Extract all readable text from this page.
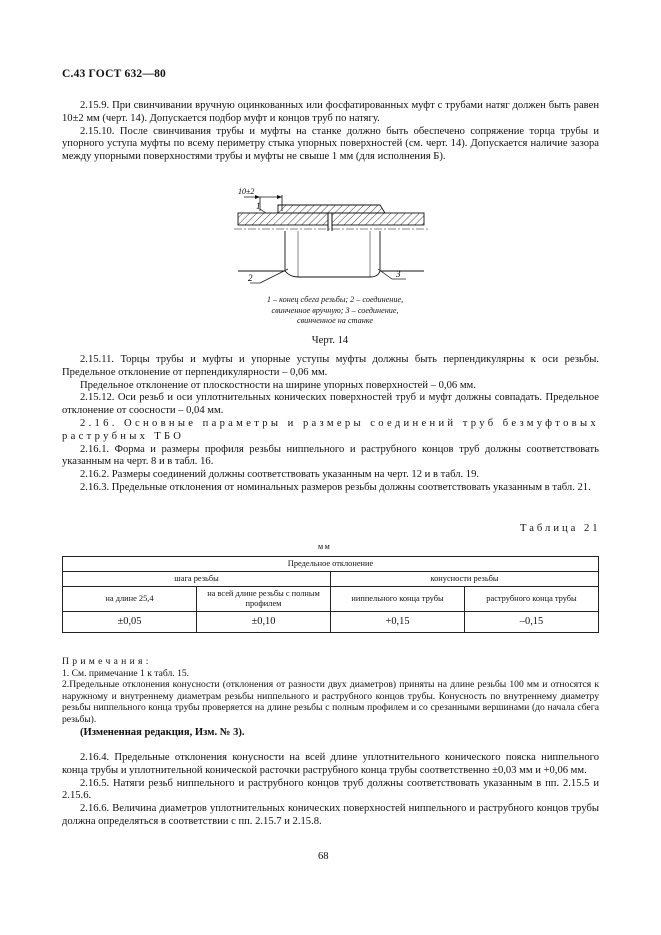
С.43 ГОСТ 632—80

2.15.9. При свинчивании вручную оцинкованных или фосфатированных муфт с трубами натяг должен быть равен 10±2 мм (черт. 14). Допускается подбор муфт и концов труб по натягу.

2.15.10. После свинчивания трубы и муфты на станке должно быть обеспечено сопряжение торца трубы и упорного уступа муфты по всему периметру стыка упорных поверхностей (см. черт. 14). Допускается наличие зазора между упорными поверхностями трубы и муфты не свыше 1 мм (для исполнения Б).

10±2
1
2	3
1 – конец сбега резьбы; 2 – соединение, свинченное вручную; 3 – соединение, свинченное на станке
Черт. 14

2.15.11. Торцы трубы и муфты и упорные уступы муфты должны быть перпендикулярны к оси резьбы. Предельное отклонение от перпендикулярности – 0,06 мм.

Предельное отклонение от плоскостности на ширине упорных поверхностей – 0,06 мм.

2.15.12. Оси резьб и оси уплотнительных конических поверхностей труб и муфт должны совпадать. Предельное отклонение от соосности – 0,04 мм.

2.16. Основные параметры и размеры соединений труб безмуфтовых раструбных ТБО

2.16.1. Форма и размеры профиля резьбы ниппельного и раструбного концов труб должны соответствовать указанным на черт. 8 и в табл. 16.

2.16.2. Размеры соединений должны соответствовать указанным на черт. 12 и в табл. 19.

2.16.3. Предельные отклонения от номинальных размеров резьбы должны соответствовать указанным в табл. 21.

Таблица 21
мм
Предельное отклонение			
шага резьбы		конусности резьбы	
на длине 25,4	на всей длине резьбы с полным профилем	ниппельного конца трубы	раструбного конца трубы
±0,05	±0,10	+0,15	–0,15

Примечания:

1. См. примечание 1 к табл. 15.

2.Предельные отклонения конусности (отклонения от разности двух диаметров) приняты на длине резьбы 100 мм и относятся к наружному и внутреннему диаметрам резьбы ниппельного и раструбного концов трубы. Конусность по внутреннему диаметру резьбы ниппельного конца трубы проверяется на длине резьбы с полным профилем и со срезанными вершинами (до начала сбега резьбы).

(Измененная редакция, Изм. № 3).

2.16.4. Предельные отклонения конусности на всей длине уплотнительного конического пояска ниппельного конца трубы и уплотнительной конической расточки раструбного конца трубы соответственно ±0,03 мм и +0,06 мм.

2.16.5. Натяги резьб ниппельного и раструбного концов труб должны соответствовать указанным в пп. 2.15.5 и 2.15.6.

2.16.6. Величина диаметров уплотнительных конических поверхностей ниппельного и раструбного концов трубы должна определяться в соответствии с пп. 2.15.7 и 2.15.8.

68
